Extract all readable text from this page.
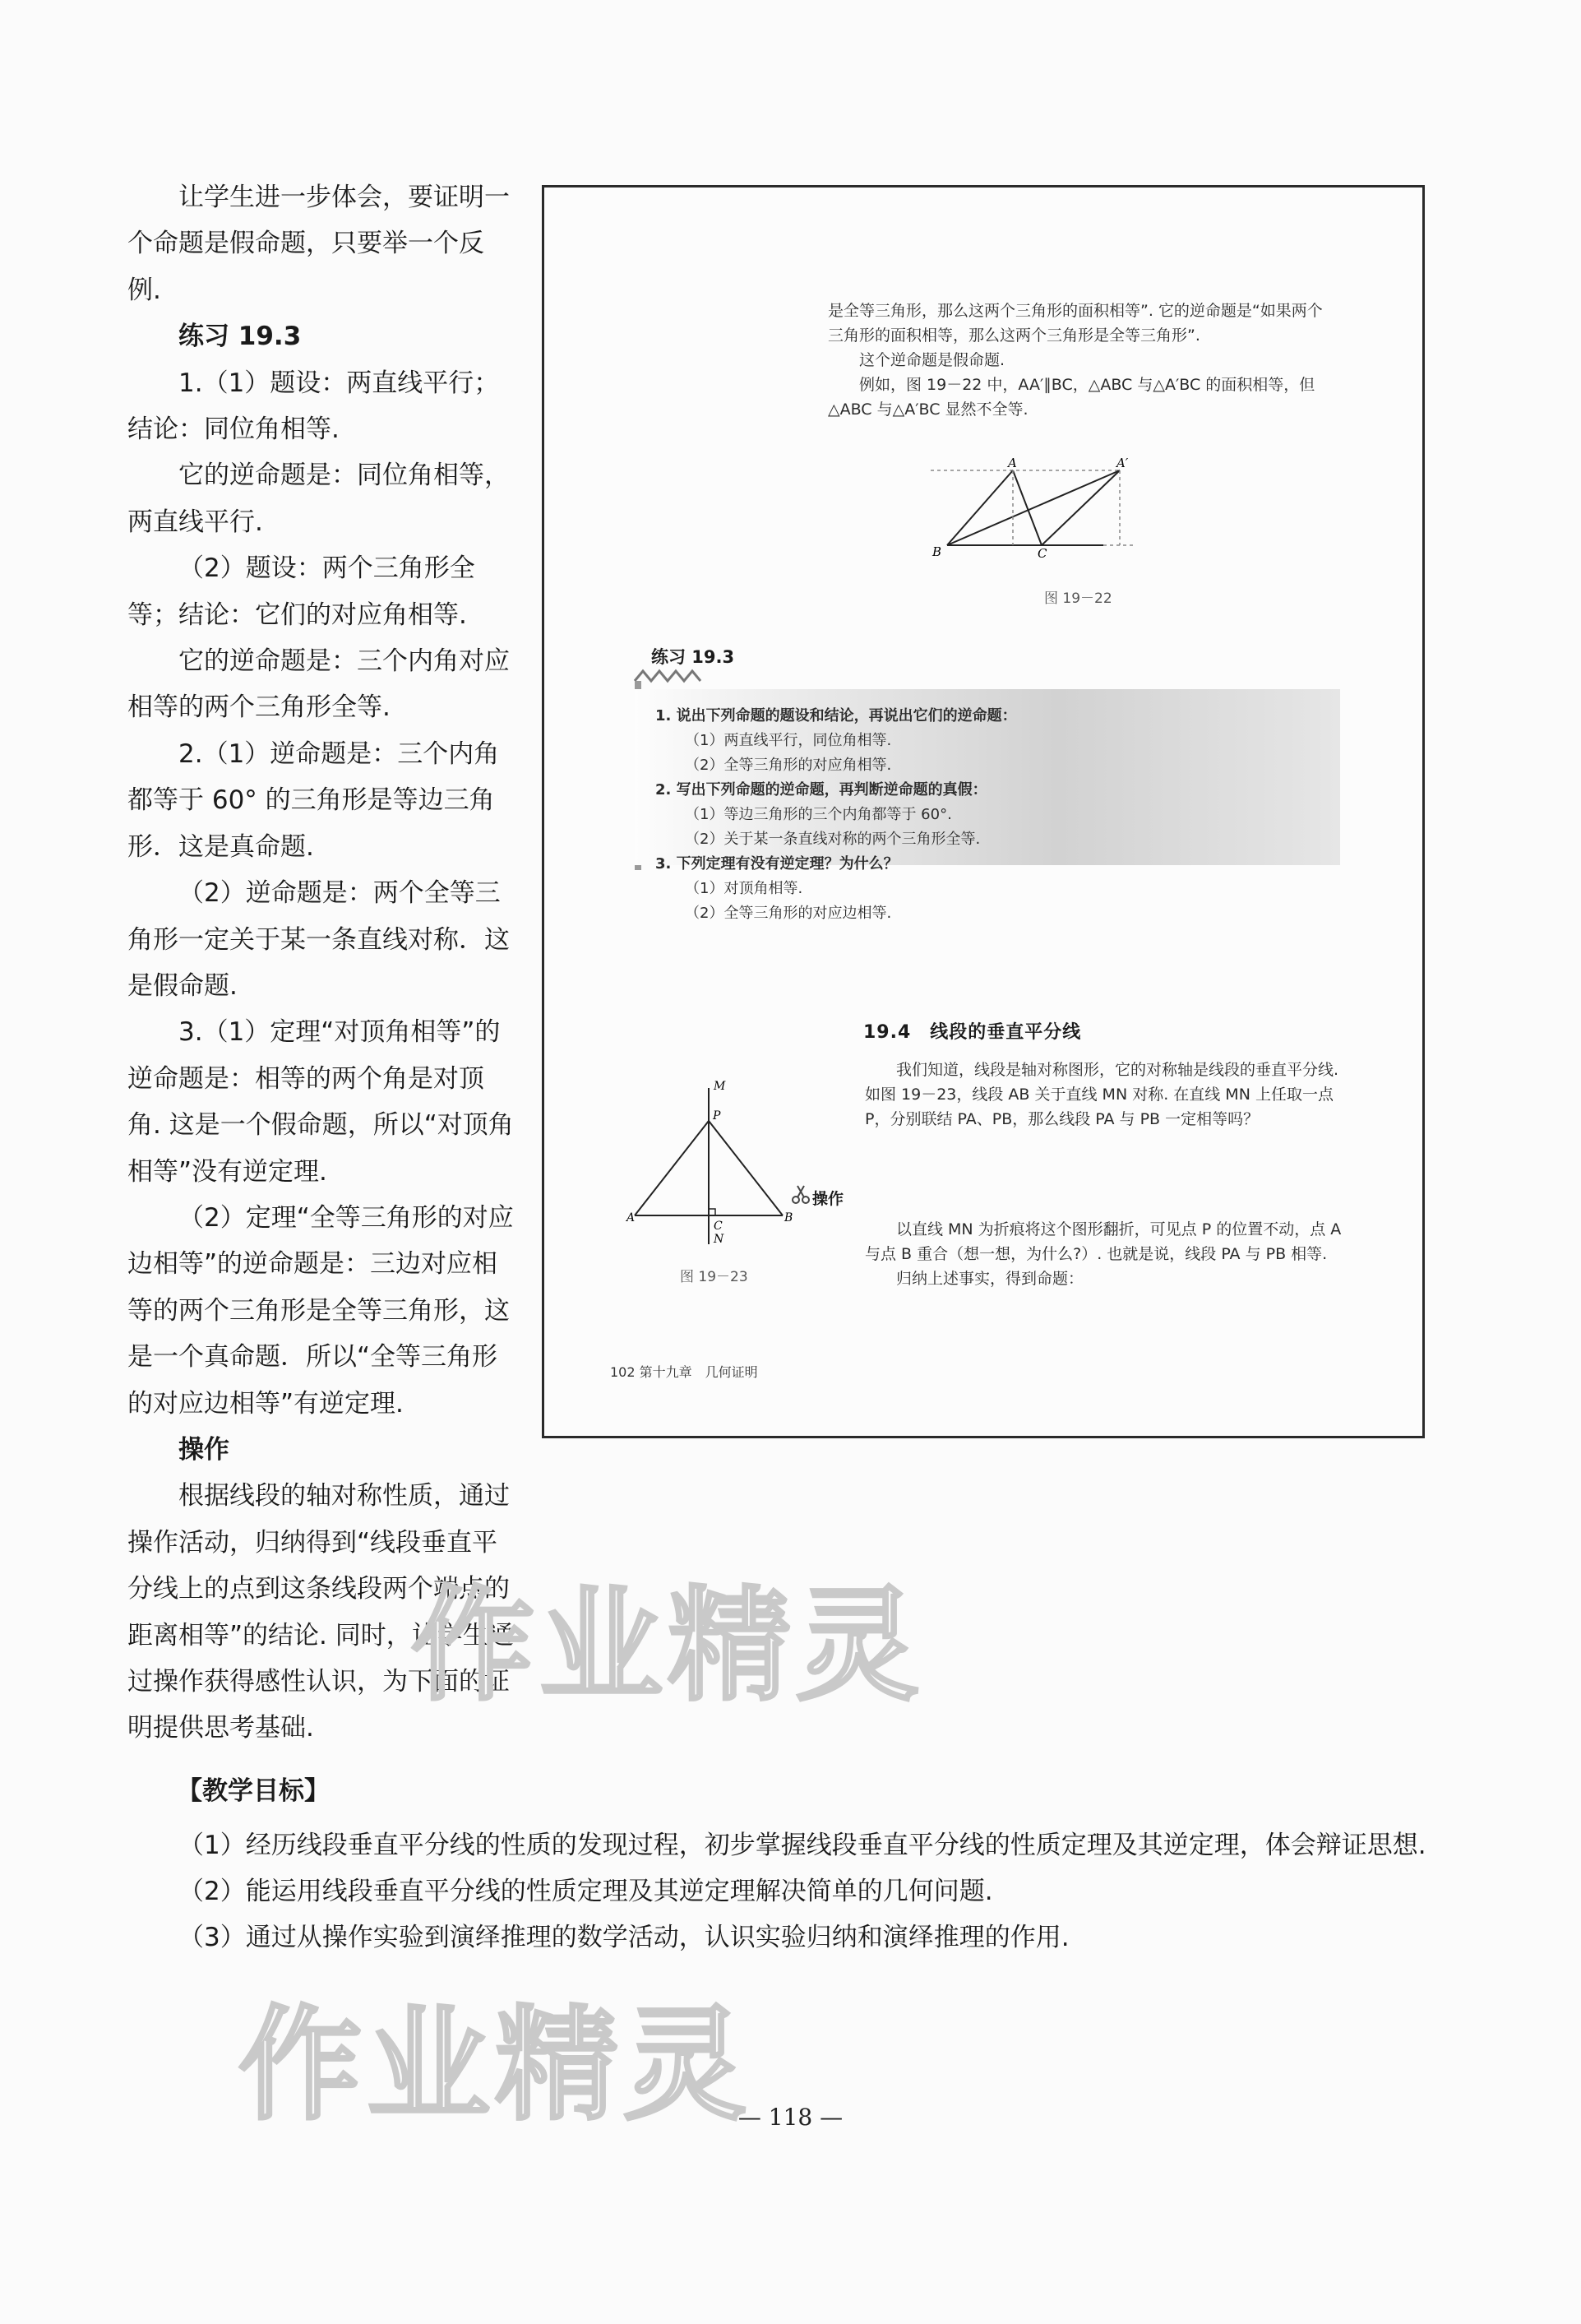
让学生进一步体会，要证明一个命题是假命题，只要举一个反例.

练习 19.3

1.（1）题设：两直线平行；结论：同位角相等.

它的逆命题是：同位角相等，两直线平行.

（2）题设：两个三角形全等；结论：它们的对应角相等.

它的逆命题是：三个内角对应相等的两个三角形全等.

2.（1）逆命题是：三个内角都等于 60° 的三角形是等边三角形．这是真命题.

（2）逆命题是：两个全等三角形一定关于某一条直线对称．这是假命题.

3.（1）定理“对顶角相等”的逆命题是：相等的两个角是对顶角. 这是一个假命题，所以“对顶角相等”没有逆定理.

（2）定理“全等三角形的对应边相等”的逆命题是：三边对应相等的两个三角形是全等三角形，这是一个真命题．所以“全等三角形的对应边相等”有逆定理.

操作

根据线段的轴对称性质，通过操作活动，归纳得到“线段垂直平分线上的点到这条线段两个端点的距离相等”的结论. 同时，让学生通过操作获得感性认识，为下面的证明提供思考基础.

是全等三角形，那么这两个三角形的面积相等”. 它的逆命题是“如果两个三角形的面积相等，那么这两个三角形是全等三角形”.
这个逆命题是假命题.
例如，图 19－22 中，AA′∥BC，△ABC 与△A′BC 的面积相等，但△ABC 与△A′BC 显然不全等.
A	A′
B	C
图 19－22
练习 19.3
1. 说出下列命题的题设和结论，再说出它们的逆命题：
（1）两直线平行，同位角相等.
（2）全等三角形的对应角相等.
2. 写出下列命题的逆命题，再判断逆命题的真假：
（1）等边三角形的三个内角都等于 60°.
（2）关于某一条直线对称的两个三角形全等.
3. 下列定理有没有逆定理？为什么？
（1）对顶角相等.
（2）全等三角形的对应边相等.
19.4　线段的垂直平分线
我们知道，线段是轴对称图形，它的对称轴是线段的垂直平分线. 如图 19－23，线段 AB 关于直线 MN 对称. 在直线 MN 上任取一点 P，分别联结 PA、PB，那么线段 PA 与 PB 一定相等吗？
M
P
A	B
C
N
图 19－23
操作
以直线 MN 为折痕将这个图形翻折，可见点 P 的位置不动，点 A 与点 B 重合（想一想，为什么?）. 也就是说，线段 PA 与 PB 相等.
归纳上述事实，得到命题：
102 第十九章　几何证明
作业精灵
【教学目标】

（1）经历线段垂直平分线的性质的发现过程，初步掌握线段垂直平分线的性质定理及其逆定理，体会辩证思想.

（2）能运用线段垂直平分线的性质定理及其逆定理解决简单的几何问题.

（3）通过从操作实验到演绎推理的数学活动，认识实验归纳和演绎推理的作用.

作业精灵
— 118 —
